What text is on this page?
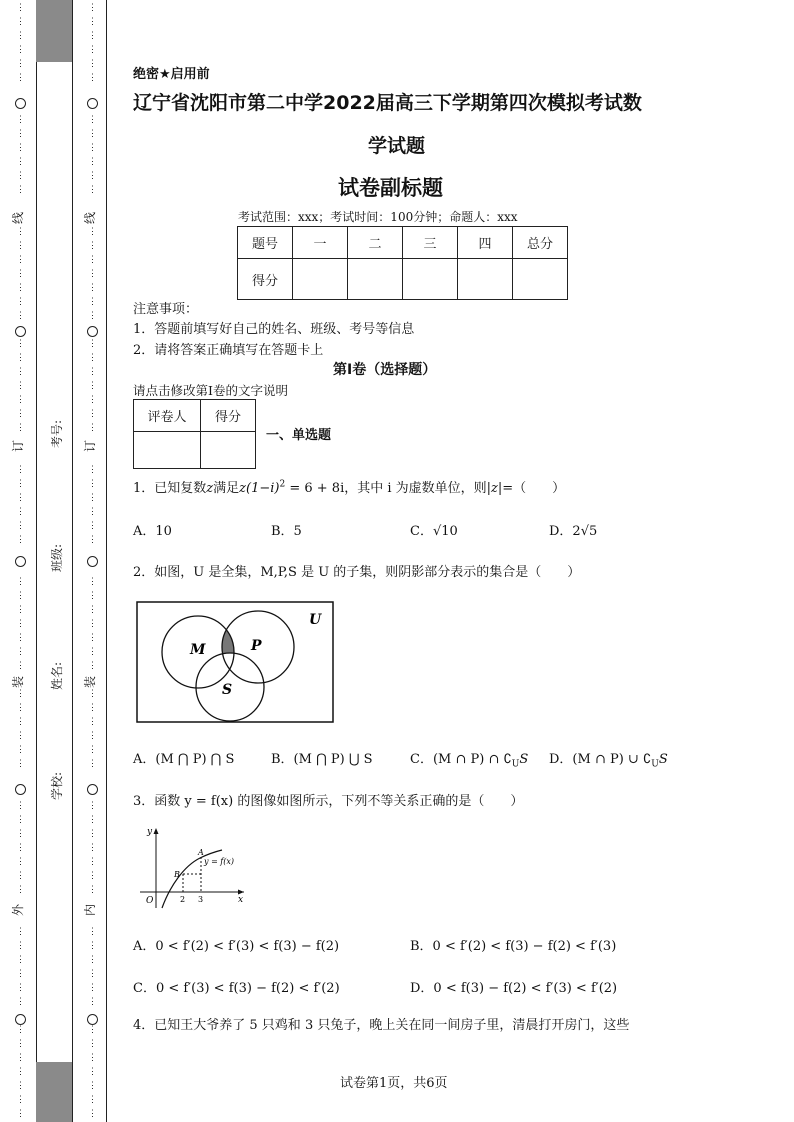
⋮
⋮
⋮
⋮
⋮
⋮
⋮
⋮
⋮
⋮
⋮
⋮
⋮
⋮
⋮
⋮
⋮
⋮
⋮
⋮
⋮
⋮
⋮
⋮
⋮
⋮
⋮
⋮
⋮
⋮
⋮
⋮
⋮
⋮
⋮
⋮
⋮
⋮
⋮
⋮
⋮
⋮
⋮
⋮
⋮
⋮
⋮
⋮
⋮
⋮
⋮
⋮
⋮
⋮
⋮
⋮
⋮
⋮
⋮
⋮
⋮
⋮
⋮
⋮
⋮
⋮
⋮
⋮
⋮
⋮
⋮
⋮
⋮
⋮
⋮
⋮
⋮
⋮
⋮
⋮
⋮
⋮
⋮
⋮
⋮
⋮
⋮
⋮
⋮
⋮
⋮
⋮
⋮
⋮
⋮
⋮
⋮
⋮
⋮
⋮
⋮
⋮
⋮
⋮
⋮
⋮
⋮
⋮
⋮
⋮
⋮
⋮
⋮
⋮
⋮
⋮
⋮
⋮
⋮
⋮
⋮
⋮
⋮
⋮
⋮
⋮
⋮
⋮
⋮
⋮
线
订
装
外
线
订
装
内
考号:
班级:
姓名:
学校:
绝密★启用前
辽宁省沈阳市第二中学2022届高三下学期第四次模拟考试数
学试题
试卷副标题
考试范围：xxx；考试时间：100分钟；命题人：xxx
题号	一	二	三	四	总分
得分					
注意事项：
1．答题前填写好自己的姓名、班级、考号等信息
2．请将答案正确填写在答题卡上
第I卷（选择题）
请点击修改第I卷的文字说明
评卷人	得分

一、单选题
1．已知复数z满足$z(1-i)^2 = 6 + 8i$，其中 i 为虚数单位，则|z|=（　　）
A．10	B．5	C．√10	D．2√5
2．如图，U 是全集，M,P,S 是 U 的子集，则阴影部分表示的集合是（　　）
U
M	P
S
A．(M ⋂ P) ⋂ S	B．(M ⋂ P) ⋃ S	C．(M ∩ P) ∩ $∁_US$ D．(M ∩ P) ∪ $∁_US$
3．函数 y = f(x) 的图像如图所示，下列不等关系正确的是（　　）
y
x
O
A
B
2 3
y = f(x)
A．0 < f′(2) < f′(3) < f(3) − f(2)	B．0 < f′(2) < f(3) − f(2) < f′(3)
C．0 < f′(3) < f(3) − f(2) < f′(2)	D．0 < f(3) − f(2) < f′(3) < f′(2)
4．已知王大爷养了 5 只鸡和 3 只兔子，晚上关在同一间房子里，清晨打开房门，这些
试卷第1页，共6页
